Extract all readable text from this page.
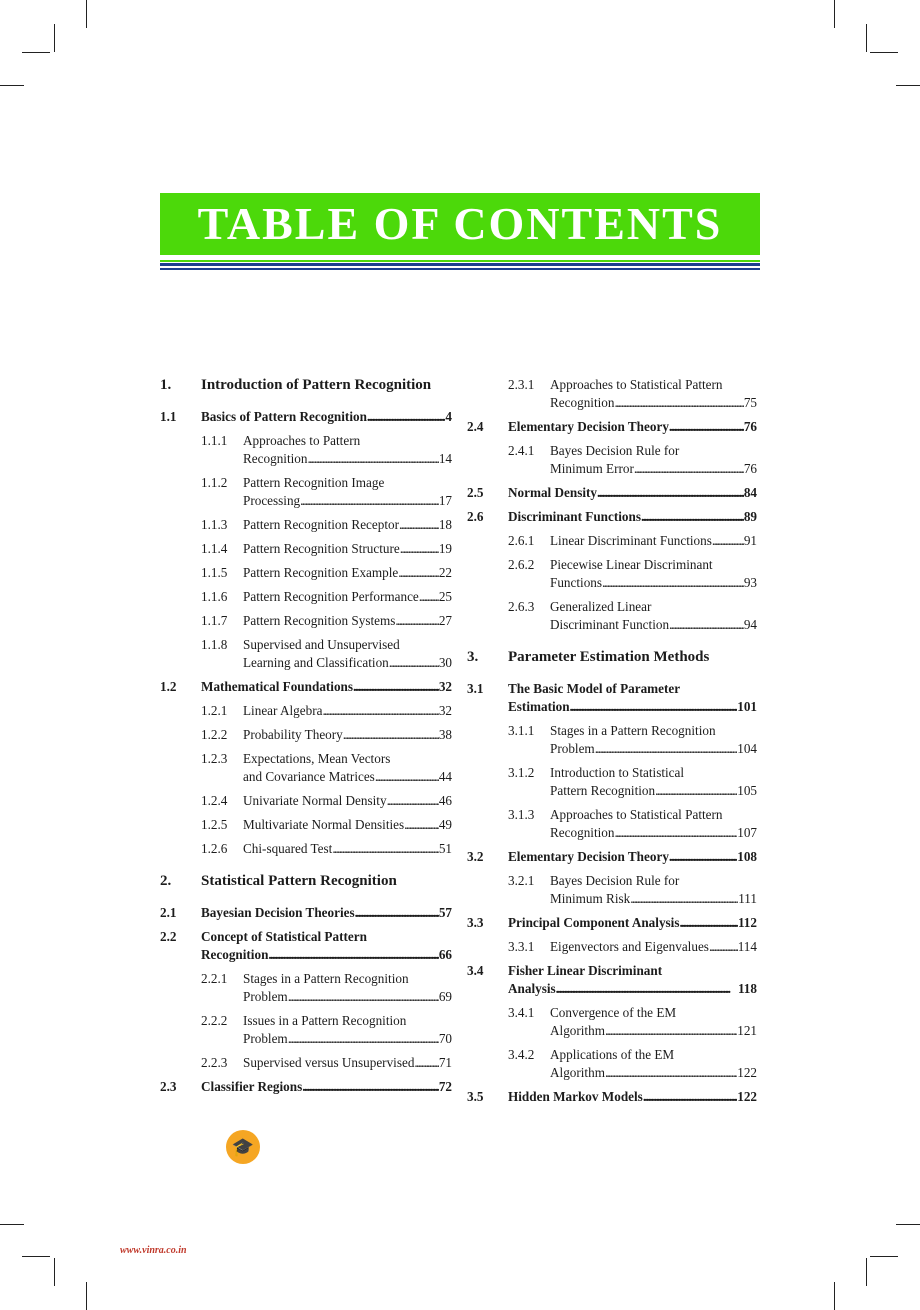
TABLE OF CONTENTS
1.	Introduction of Pattern Recognition
1.1	Basics of Pattern Recognition . . .	4
1.1.1	Approaches to Pattern
Recognition . . .	14
1.1.2	Pattern Recognition Image
Processing . . .	17
1.1.3	Pattern Recognition Receptor . . .	18
1.1.4	Pattern Recognition Structure . . .	19
1.1.5	Pattern Recognition Example . . .	22
1.1.6	Pattern Recognition Performance . . . 25
1.1.7	Pattern Recognition Systems . . .	27
1.1.8	Supervised and Unsupervised
Learning and Classification . . .	30
1.2	Mathematical Foundations . . .	32
1.2.1	Linear Algebra . . .	32
1.2.2	Probability Theory . . .	38
1.2.3	Expectations, Mean Vectors
and Covariance Matrices . . .	44
1.2.4	Univariate Normal Density . . .	46
1.2.5	Multivariate Normal Densities . . .	49
1.2.6	Chi-squared Test . . .	51
2.	Statistical Pattern Recognition
2.1	Bayesian Decision Theories . . .	57
2.2	Concept of Statistical Pattern
Recognition . . .	66
2.2.1	Stages in a Pattern Recognition
Problem . . .	69
2.2.2	Issues in a Pattern Recognition
Problem . . .	70
2.2.3	Supervised versus Unsupervised . . . 71
2.3	Classifier Regions . . .	72
2.3.1	Approaches to Statistical Pattern
Recognition . . .	75
2.4	Elementary Decision Theory . . .	76
2.4.1	Bayes Decision Rule for
Minimum Error . . .	76
2.5	Normal Density . . .	84
2.6	Discriminant Functions . . .	89
2.6.1	Linear Discriminant Functions . . . 91
2.6.2	Piecewise Linear Discriminant
Functions . . .	93
2.6.3	Generalized Linear
Discriminant Function . . .	94
3.	Parameter Estimation Methods
3.1	The Basic Model of Parameter
Estimation . . .	101
3.1.1	Stages in a Pattern Recognition
Problem . . .	104
3.1.2	Introduction to Statistical
Pattern Recognition . . .	105
3.1.3	Approaches to Statistical Pattern
Recognition . . .	107
3.2	Elementary Decision Theory . . .	108
3.2.1	Bayes Decision Rule for
Minimum Risk . . .	111
3.3	Principal Component Analysis . . .	112
3.3.1	Eigenvectors and Eigenvalues . . . 114
3.4	Fisher Linear Discriminant
Analysis . . .	118
3.4.1	Convergence of the EM
Algorithm . . .	121
3.4.2	Applications of the EM
Algorithm . . .	122
3.5	Hidden Markov Models . . .	122
🎓
www.vinra.co.in
